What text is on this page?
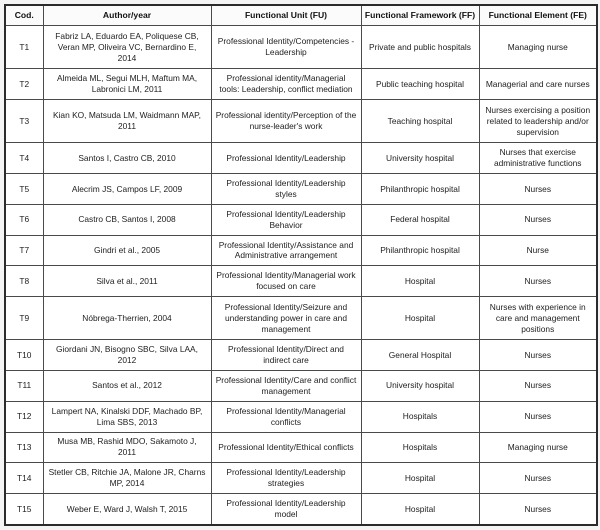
Cod.	Author/year	Functional Unit (FU)	Functional Framework (FF)	Functional Element (FE)
T1	Fabriz LA, Eduardo EA, Poliquese CB, Veran MP, Oliveira VC, Bernardino E, 2014	Professional Identity/Competencies - Leadership	Private and public hospitals	Managing nurse
T2	Almeida ML, Segui MLH, Maftum MA, Labronici LM, 2011	Professional identity/Managerial tools: Leadership, conflict mediation	Public teaching hospital	Managerial and care nurses
T3	Kian KO, Matsuda LM, Waidmann MAP, 2011	Professional identity/Perception of the nurse-leader's work	Teaching hospital	Nurses exercising a position related to leadership and/or supervision
T4	Santos I, Castro CB, 2010	Professional Identity/Leadership	University hospital	Nurses that exercise administrative functions
T5	Alecrim JS, Campos LF, 2009	Professional Identity/Leadership styles	Philanthropic hospital	Nurses
T6	Castro CB, Santos I, 2008	Professional Identity/Leadership Behavior	Federal hospital	Nurses
T7	Gindri et al., 2005	Professional Identity/Assistance and Administrative arrangement	Philanthropic hospital	Nurse
T8	Silva et al., 2011	Professional Identity/Managerial work focused on care	Hospital	Nurses
T9	Nóbrega-Therrien, 2004	Professional Identity/Seizure and understanding power in care and management	Hospital	Nurses with experience in care and management positions
T10	Giordani JN, Bisogno SBC, Silva LAA, 2012	Professional Identity/Direct and indirect care	General Hospital	Nurses
T11	Santos et al., 2012	Professional Identity/Care and conflict management	University hospital	Nurses
T12	Lampert NA, Kinalski DDF, Machado BP, Lima SBS, 2013	Professional Identity/Managerial conflicts	Hospitals	Nurses
T13	Musa MB, Rashid MDO, Sakamoto J, 2011	Professional Identity/Ethical conflicts	Hospitals	Managing nurse
T14	Stetler CB, Ritchie JA, Malone JR, Charns MP, 2014	Professional Identity/Leadership strategies	Hospital	Nurses
T15	Weber E, Ward J, Walsh T, 2015	Professional Identity/Leadership model	Hospital	Nurses
